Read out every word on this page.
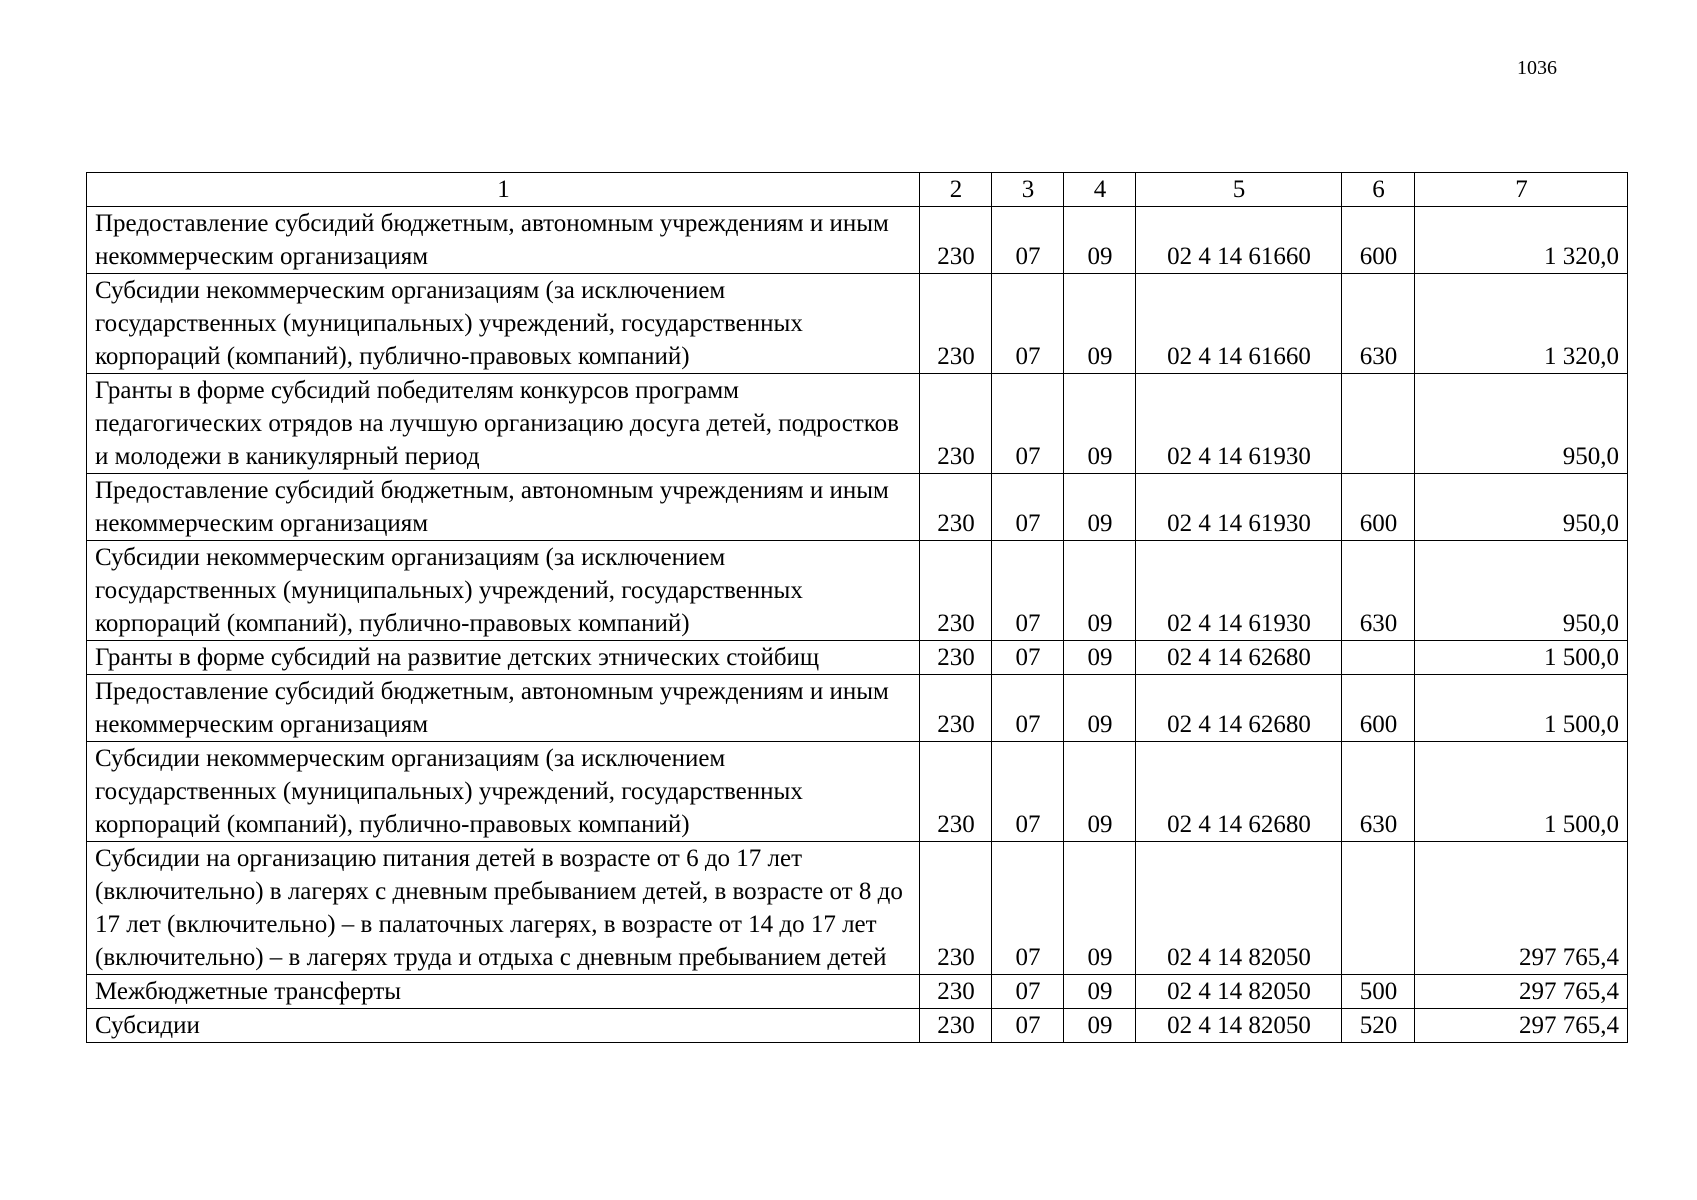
1036
1	2	3	4	5	6	7
Предоставление субсидий бюджетным, автономным учреждениям и иным некоммерческим организациям	230	07	09	02 4 14 61660	600	1 320,0
Субсидии некоммерческим организациям (за исключением государственных (муниципальных) учреждений, государственных корпораций (компаний), публично-правовых компаний)	230	07	09	02 4 14 61660	630	1 320,0
Гранты в форме субсидий победителям конкурсов программ педагогических отрядов на лучшую организацию досуга детей, подростков и молодежи в каникулярный период	230	07	09	02 4 14 61930		950,0
Предоставление субсидий бюджетным, автономным учреждениям и иным некоммерческим организациям	230	07	09	02 4 14 61930	600	950,0
Субсидии некоммерческим организациям (за исключением государственных (муниципальных) учреждений, государственных корпораций (компаний), публично-правовых компаний)	230	07	09	02 4 14 61930	630	950,0
Гранты в форме субсидий на развитие детских этнических стойбищ	230	07	09	02 4 14 62680		1 500,0
Предоставление субсидий бюджетным, автономным учреждениям и иным некоммерческим организациям	230	07	09	02 4 14 62680	600	1 500,0
Субсидии некоммерческим организациям (за исключением государственных (муниципальных) учреждений, государственных корпораций (компаний), публично-правовых компаний)	230	07	09	02 4 14 62680	630	1 500,0
Субсидии на организацию питания детей в возрасте от 6 до 17 лет (включительно) в лагерях с дневным пребыванием детей, в возрасте от 8 до 17 лет (включительно) – в палаточных лагерях, в возрасте от 14 до 17 лет (включительно) – в лагерях труда и отдыха с дневным пребыванием детей	230	07	09	02 4 14 82050		297 765,4
Межбюджетные трансферты	230	07	09	02 4 14 82050	500	297 765,4
Субсидии	230	07	09	02 4 14 82050	520	297 765,4
